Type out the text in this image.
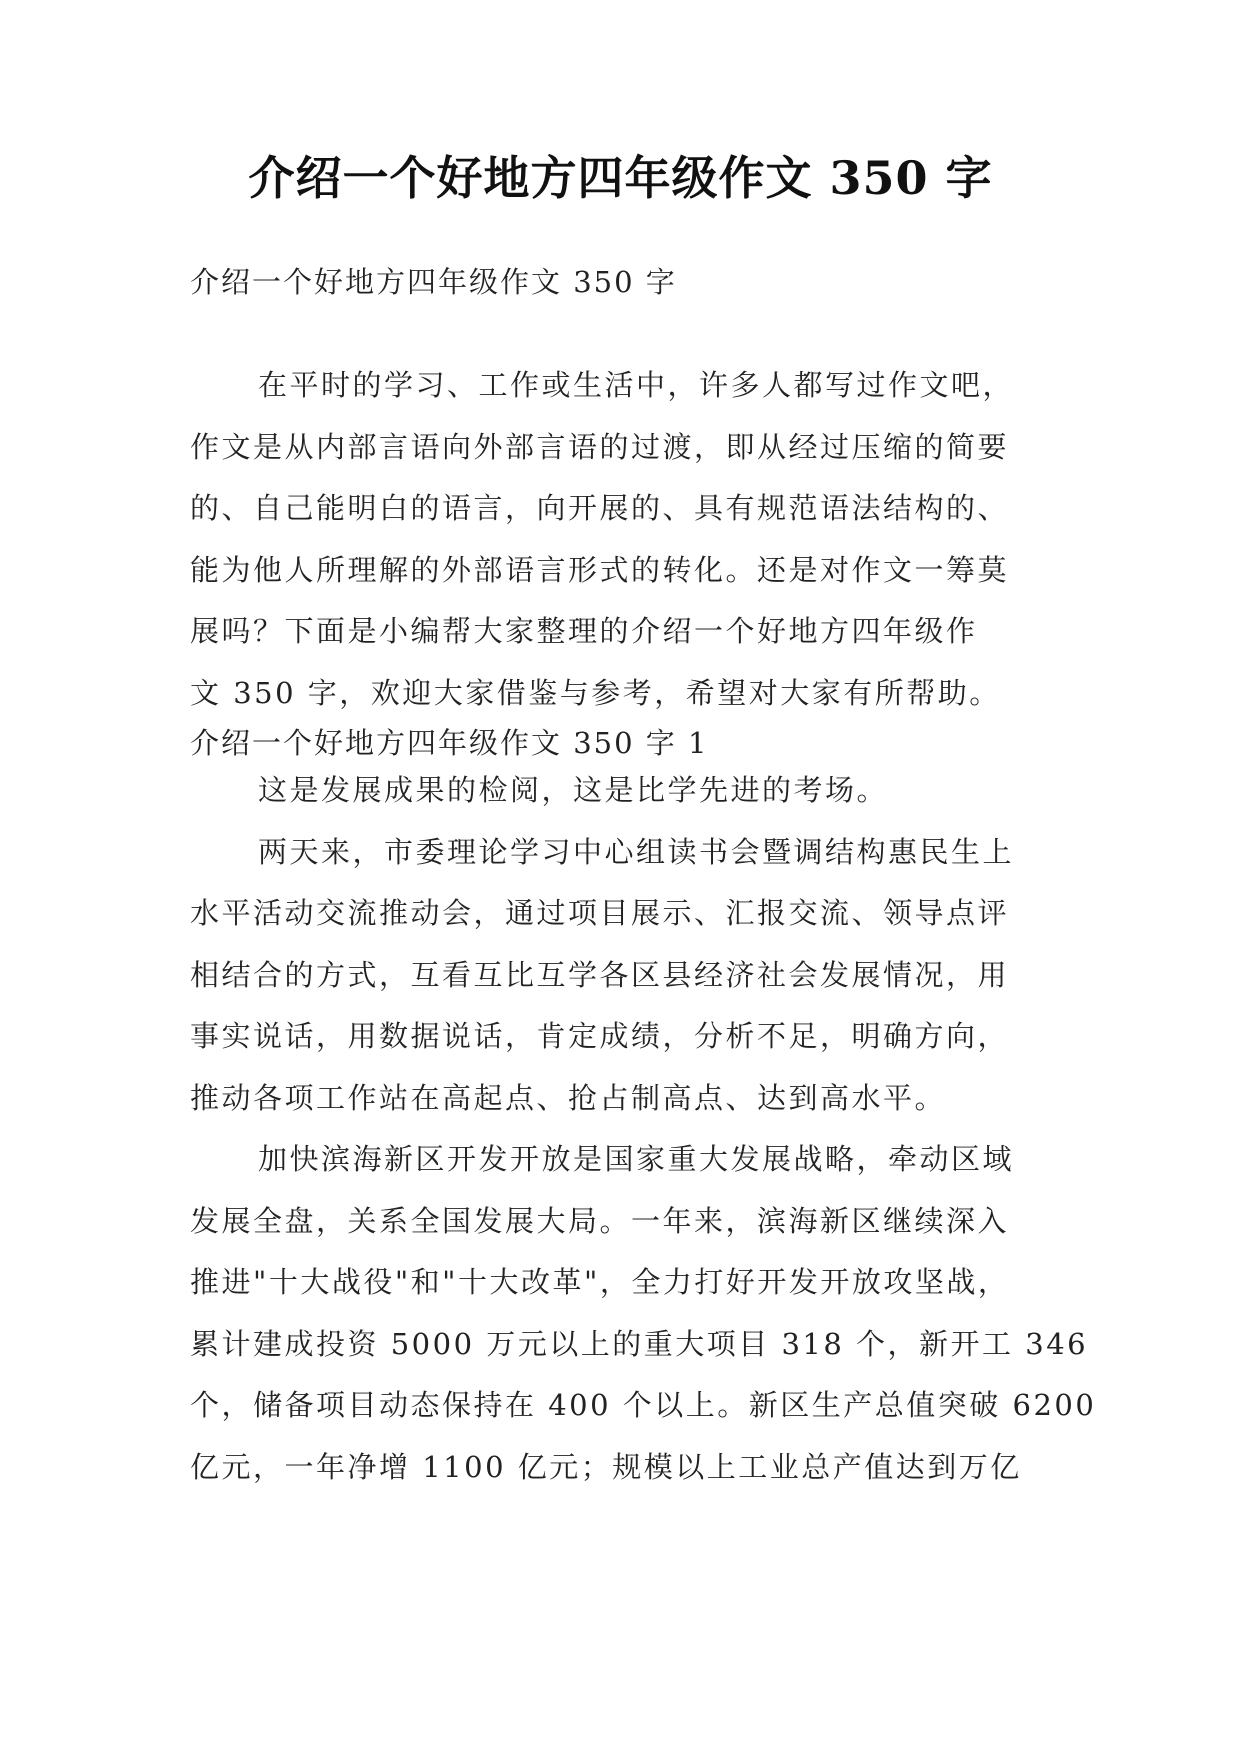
介绍一个好地方四年级作文 350 字
介绍一个好地方四年级作文 350 字
在平时的学习、工作或生活中，许多人都写过作文吧，
作文是从内部言语向外部言语的过渡，即从经过压缩的简要
的、自己能明白的语言，向开展的、具有规范语法结构的、
能为他人所理解的外部语言形式的转化。还是对作文一筹莫
展吗？下面是小编帮大家整理的介绍一个好地方四年级作
文 350 字，欢迎大家借鉴与参考，希望对大家有所帮助。
介绍一个好地方四年级作文 350 字 1
这是发展成果的检阅，这是比学先进的考场。
两天来，市委理论学习中心组读书会暨调结构惠民生上
水平活动交流推动会，通过项目展示、汇报交流、领导点评
相结合的方式，互看互比互学各区县经济社会发展情况，用
事实说话，用数据说话，肯定成绩，分析不足，明确方向，
推动各项工作站在高起点、抢占制高点、达到高水平。
加快滨海新区开发开放是国家重大发展战略，牵动区域
发展全盘，关系全国发展大局。一年来，滨海新区继续深入
推进"十大战役"和"十大改革"，全力打好开发开放攻坚战，
累计建成投资 5000 万元以上的重大项目 318 个，新开工 346
个，储备项目动态保持在 400 个以上。新区生产总值突破 6200
亿元，一年净增 1100 亿元；规模以上工业总产值达到万亿
